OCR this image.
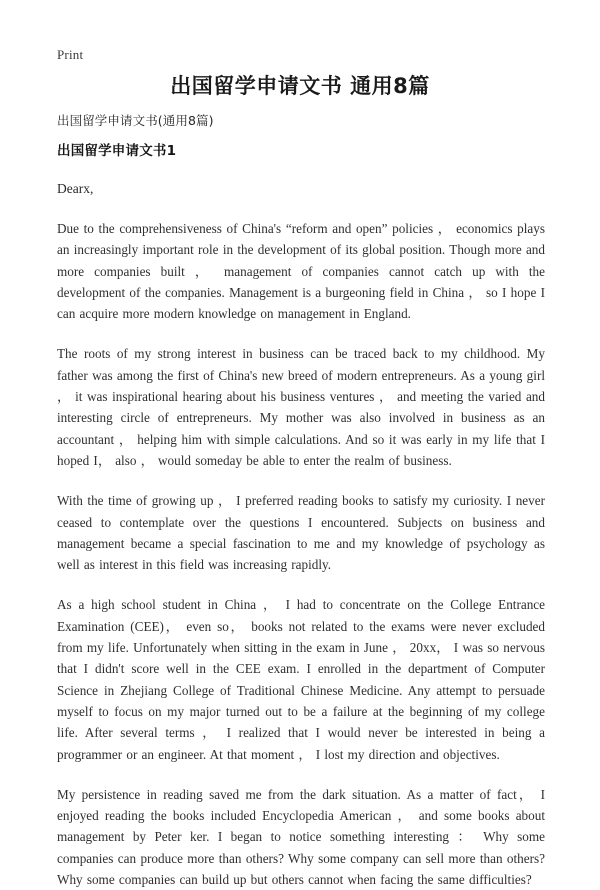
Print
出国留学申请文书 通用8篇

出国留学申请文书(通用8篇)

出国留学申请文书1

Dearx,

Due to the comprehensiveness of China's “reform and open” policies ， economics plays an increasingly important role in the development of its global position. Though more and more companies built ， management of companies cannot catch up with the development of the companies. Management is a burgeoning field in China ， so I hope I can acquire more modern knowledge on management in England.

The roots of my strong interest in business can be traced back to my childhood. My father was among the first of China's new breed of modern entrepreneurs. As a young girl ， it was inspirational hearing about his business ventures ， and meeting the varied and interesting circle of entrepreneurs. My mother was also involved in business as an accountant ， helping him with simple calculations. And so it was early in my life that I hoped I， also ， would someday be able to enter the realm of business.

With the time of growing up ， I preferred reading books to satisfy my curiosity. I never ceased to contemplate over the questions I encountered. Subjects on business and management became a special fascination to me and my knowledge of psychology as well as interest in this field was increasing rapidly.

As a high school student in China ， I had to concentrate on the College Entrance Examination (CEE)， even so， books not related to the exams were never excluded from my life. Unfortunately when sitting in the exam in June ， 20xx， I was so nervous that I didn't score well in the CEE exam. I enrolled in the department of Computer Science in Zhejiang College of Traditional Chinese Medicine. Any attempt to persuade myself to focus on my major turned out to be a failure at the beginning of my college life. After several terms ， I realized that I would never be interested in being a programmer or an engineer. At that moment ， I lost my direction and objectives.

My persistence in reading saved me from the dark situation. As a matter of fact， I enjoyed reading the books included Encyclopedia American ， and some books about management by Peter ker. I began to notice something interesting ： Why some companies can produce more than others? Why some company can sell more than others? Why some companies can build up but others cannot when facing the same difficulties?
